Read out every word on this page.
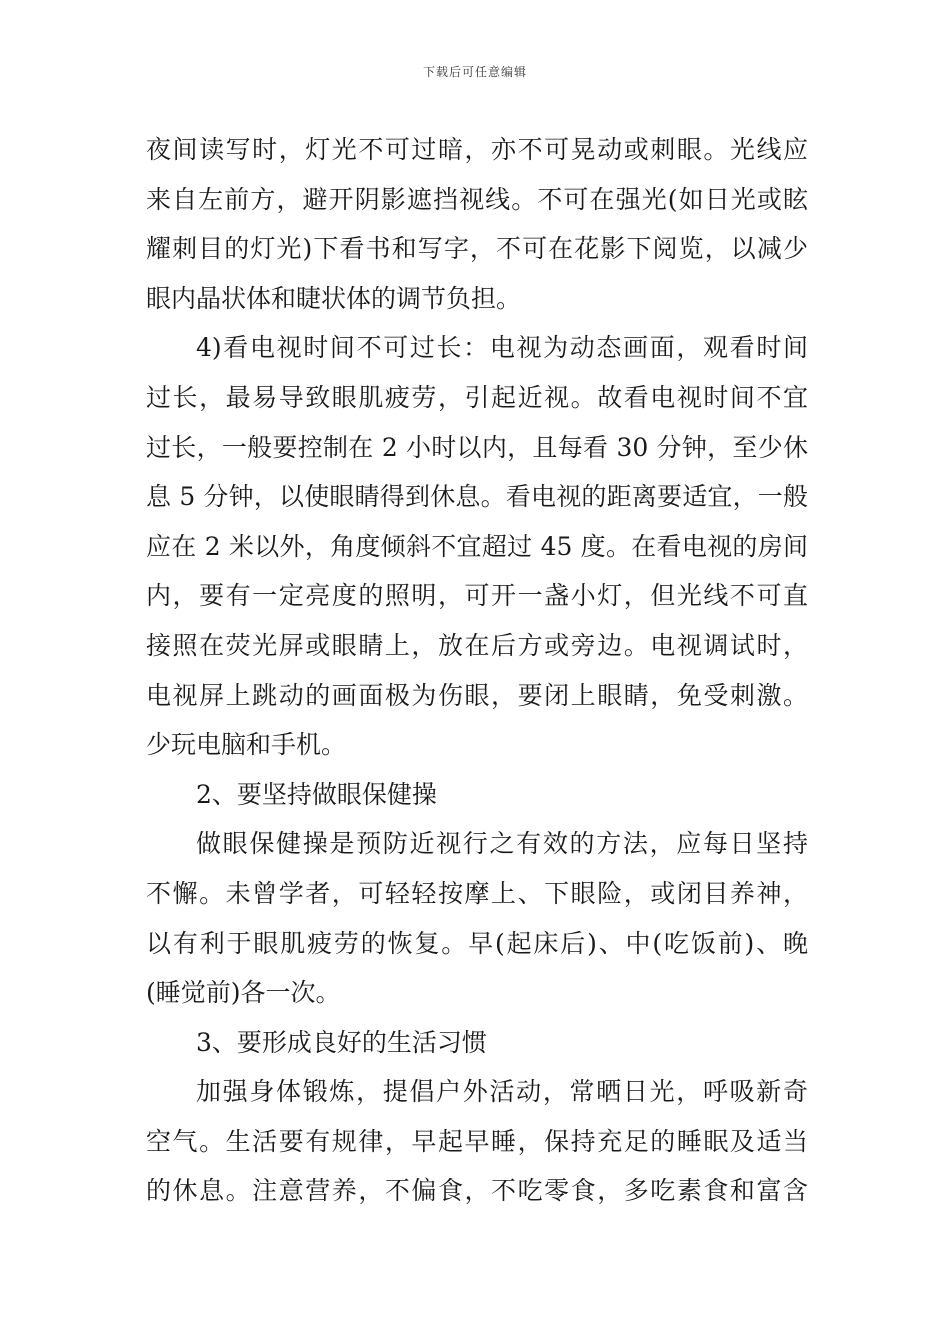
下载后可任意编辑
夜间读写时，灯光不可过暗，亦不可晃动或刺眼。光线应
来自左前方，避开阴影遮挡视线。不可在强光(如日光或眩
耀刺目的灯光)下看书和写字，不可在花影下阅览，以减少
眼内晶状体和睫状体的调节负担。
4)看电视时间不可过长：电视为动态画面，观看时间
过长，最易导致眼肌疲劳，引起近视。故看电视时间不宜
过长，一般要控制在 2 小时以内，且每看 30 分钟，至少休
息 5 分钟，以使眼睛得到休息。看电视的距离要适宜，一般
应在 2 米以外，角度倾斜不宜超过 45 度。在看电视的房间
内，要有一定亮度的照明，可开一盏小灯，但光线不可直
接照在荧光屏或眼睛上，放在后方或旁边。电视调试时，
电视屏上跳动的画面极为伤眼，要闭上眼睛，免受刺激。
少玩电脑和手机。
2、要坚持做眼保健操
做眼保健操是预防近视行之有效的方法，应每日坚持
不懈。未曾学者，可轻轻按摩上、下眼险，或闭目养神，
以有利于眼肌疲劳的恢复。早(起床后)、中(吃饭前)、晚
(睡觉前)各一次。
3、要形成良好的生活习惯
加强身体锻炼，提倡户外活动，常晒日光，呼吸新奇
空气。生活要有规律，早起早睡，保持充足的睡眠及适当
的休息。注意营养，不偏食，不吃零食，多吃素食和富含
